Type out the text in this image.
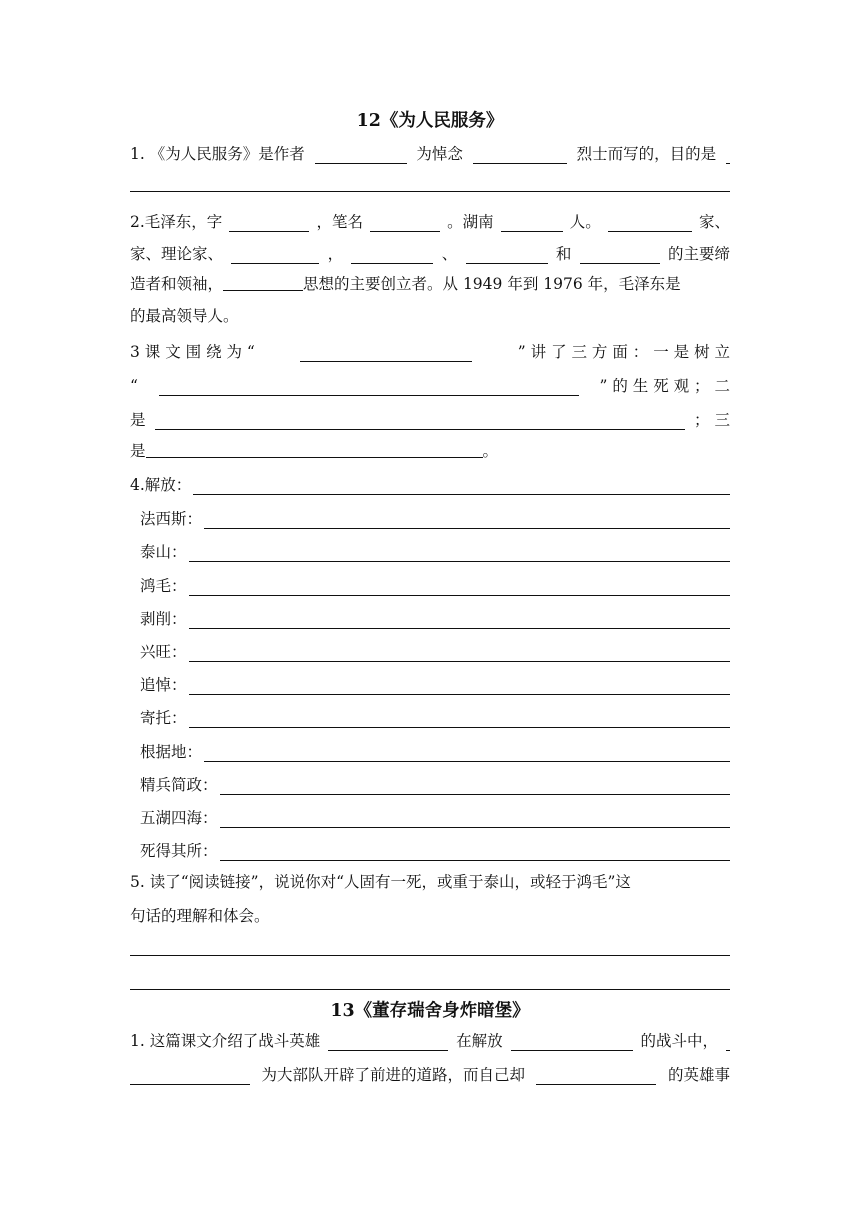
12《为人民服务》
1. 《为人民服务》是作者	为悼念	烈士而写的，目的是
2.毛泽东，字	，笔名	。湖南	人。	家、
家、理论家、	，	、	和	的主要缔
造者和领袖，	思想的主要创立者。从 1949 年到 1976 年，毛泽东是
的最高领导人。
3 课 文 围 绕 为 “	” 讲 了 三 方 面 ： 一 是 树 立
“	” 的 生 死 观 ； 二
是	； 三
是	。
4.解放：
法西斯：
泰山：
鸿毛：
剥削：
兴旺：
追悼：
寄托：
根据地：
精兵简政：
五湖四海：
死得其所：
5. 读了“阅读链接”，说说你对“人固有一死，或重于泰山，或轻于鸿毛”这
句话的理解和体会。
13《董存瑞舍身炸暗堡》
1. 这篇课文介绍了战斗英雄	在解放	的战斗中，
为大部队开辟了前进的道路，而自己却	的英雄事
